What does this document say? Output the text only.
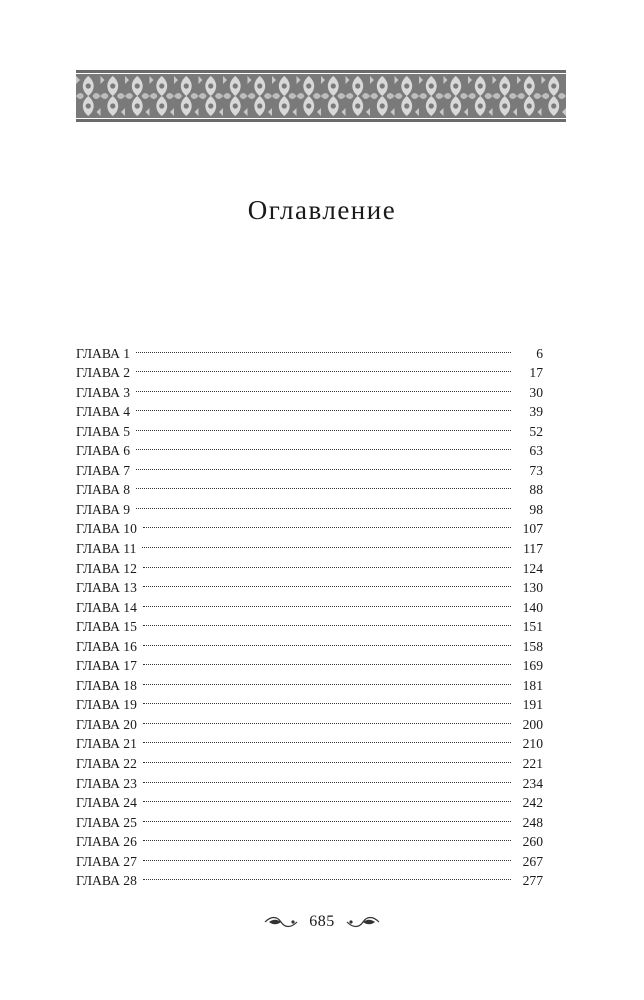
Оглавление
ГЛАВА 1	6
ГЛАВА 2	17
ГЛАВА 3	30
ГЛАВА 4	39
ГЛАВА 5	52
ГЛАВА 6	63
ГЛАВА 7	73
ГЛАВА 8	88
ГЛАВА 9	98
ГЛАВА 10	107
ГЛАВА 11	117
ГЛАВА 12	124
ГЛАВА 13	130
ГЛАВА 14	140
ГЛАВА 15	151
ГЛАВА 16	158
ГЛАВА 17	169
ГЛАВА 18	181
ГЛАВА 19	191
ГЛАВА 20	200
ГЛАВА 21	210
ГЛАВА 22	221
ГЛАВА 23	234
ГЛАВА 24	242
ГЛАВА 25	248
ГЛАВА 26	260
ГЛАВА 27	267
ГЛАВА 28	277
685
